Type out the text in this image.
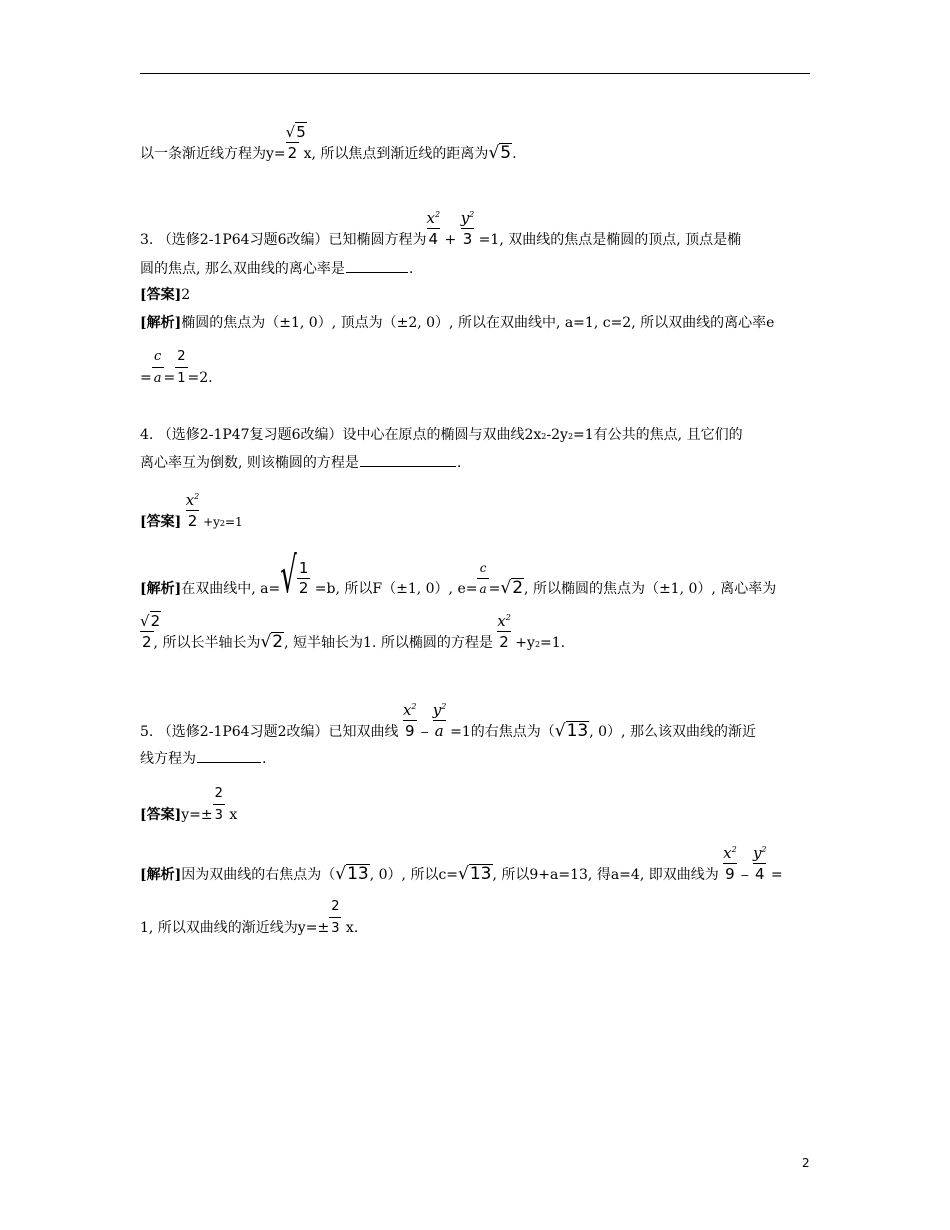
以一条渐近线方程为$y= \frac{√5}{2} x$, 所以焦点到渐近线的距离为√5.
3. （选修2-1P64习题6改编）已知椭圆方程为 $\frac{x^2}{4} + \frac{y^2}{3} =1$, 双曲线的焦点是椭圆的顶点, 顶点是椭
圆的焦点, 那么双曲线的离心率是	.
[答案]2
[解析]椭圆的焦点为（±1, 0）, 顶点为（±2, 0）, 所以在双曲线中, a=1, c=2, 所以双曲线的离心率e
= $\frac{c}{a}= \frac{2}{1}=2$.
4. （选修2-1P47复习题6改编）设中心在原点的椭圆与双曲线2x2-2y2=1有公共的焦点, 且它们的
离心率互为倒数, 则该椭圆的方程是	.
[答案] $\frac{x^2}{2} +y2=1$
[解析]在双曲线中, $a=√ \frac{1}{2} =b$, 所以F（±1, 0）, $e= \frac{c}{a}=√2$, 所以椭圆的焦点为（±1, 0）, 离心率为
$\frac{√2}{2}$, 所以长半轴长为√2, 短半轴长为1. 所以椭圆的方程是 $\frac{x^2}{2} +y2=1$.
5. （选修2-1P64习题2改编）已知双曲线 $\frac{x^2}{9} - \frac{y^2}{a} =1$的右焦点为（√13, 0）, 那么该双曲线的渐近
线方程为	.
[答案]$y=\pm \frac{2}{3}$ x
[解析]因为双曲线的右焦点为（√13, 0）, 所以c=√13, 所以9+a=13, 得a=4, 即双曲线为 $\frac{x^2}{9} - \frac{y^2}{4}$ =
1, 所以双曲线的渐近线为$y=\pm \frac{2}{3} x$.
2
